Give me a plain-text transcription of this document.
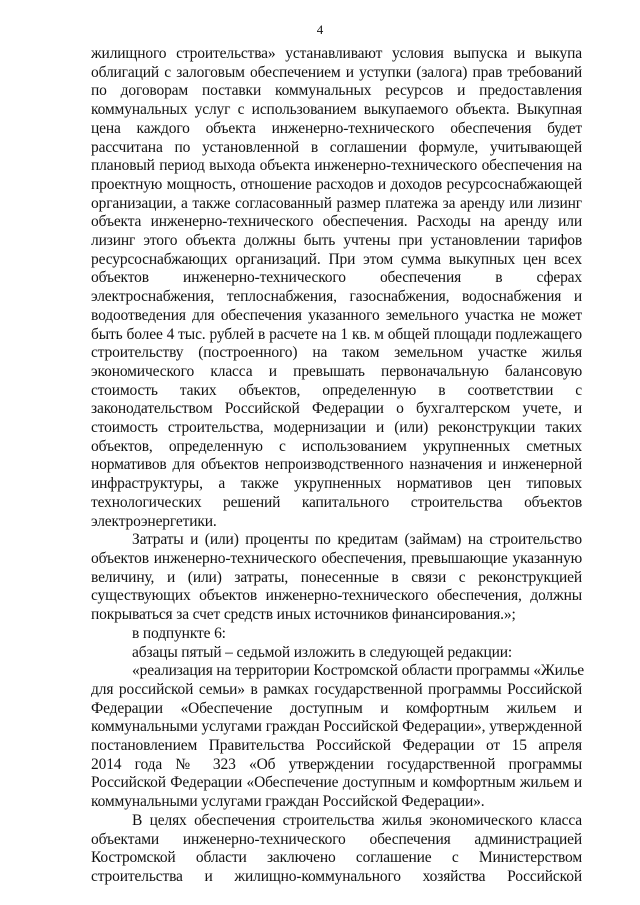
4
жилищного строительства» устанавливают условия выпуска и выкупа
облигаций с залоговым обеспечением и уступки (залога) прав требований
по договорам поставки коммунальных ресурсов и предоставления
коммунальных услуг с использованием выкупаемого объекта. Выкупная
цена каждого объекта инженерно-технического обеспечения будет
рассчитана по установленной в соглашении формуле, учитывающей
плановый период выхода объекта инженерно-технического обеспечения на
проектную мощность, отношение расходов и доходов ресурсоснабжающей
организации, а также согласованный размер платежа за аренду или лизинг
объекта инженерно-технического обеспечения. Расходы на аренду или
лизинг этого объекта должны быть учтены при установлении тарифов
ресурсоснабжающих организаций. При этом сумма выкупных цен всех
объектов инженерно-технического обеспечения в сферах
электроснабжения, теплоснабжения, газоснабжения, водоснабжения и
водоотведения для обеспечения указанного земельного участка не может
быть более 4 тыс. рублей в расчете на 1 кв. м общей площади подлежащего
строительству (построенного) на таком земельном участке жилья
экономического класса и превышать первоначальную балансовую
стоимость таких объектов, определенную в соответствии с
законодательством Российской Федерации о бухгалтерском учете, и
стоимость строительства, модернизации и (или) реконструкции таких
объектов, определенную с использованием укрупненных сметных
нормативов для объектов непроизводственного назначения и инженерной
инфраструктуры, а также укрупненных нормативов цен типовых
технологических решений капитального строительства объектов
электроэнергетики.
Затраты и (или) проценты по кредитам (займам) на строительство
объектов инженерно-технического обеспечения, превышающие указанную
величину, и (или) затраты, понесенные в связи с реконструкцией
существующих объектов инженерно-технического обеспечения, должны
покрываться за счет средств иных источников финансирования.»;
в подпункте 6:
абзацы пятый – седьмой изложить в следующей редакции:
«реализация на территории Костромской области программы «Жилье
для российской семьи» в рамках государственной программы Российской
Федерации «Обеспечение доступным и комфортным жильем и
коммунальными услугами граждан Российской Федерации», утвержденной
постановлением Правительства Российской Федерации от 15 апреля
2014 года № 323 «Об утверждении государственной программы
Российской Федерации «Обеспечение доступным и комфортным жильем и
коммунальными услугами граждан Российской Федерации».
В целях обеспечения строительства жилья экономического класса
объектами инженерно-технического обеспечения администрацией
Костромской области заключено соглашение с Министерством
строительства и жилищно-коммунального хозяйства Российской
